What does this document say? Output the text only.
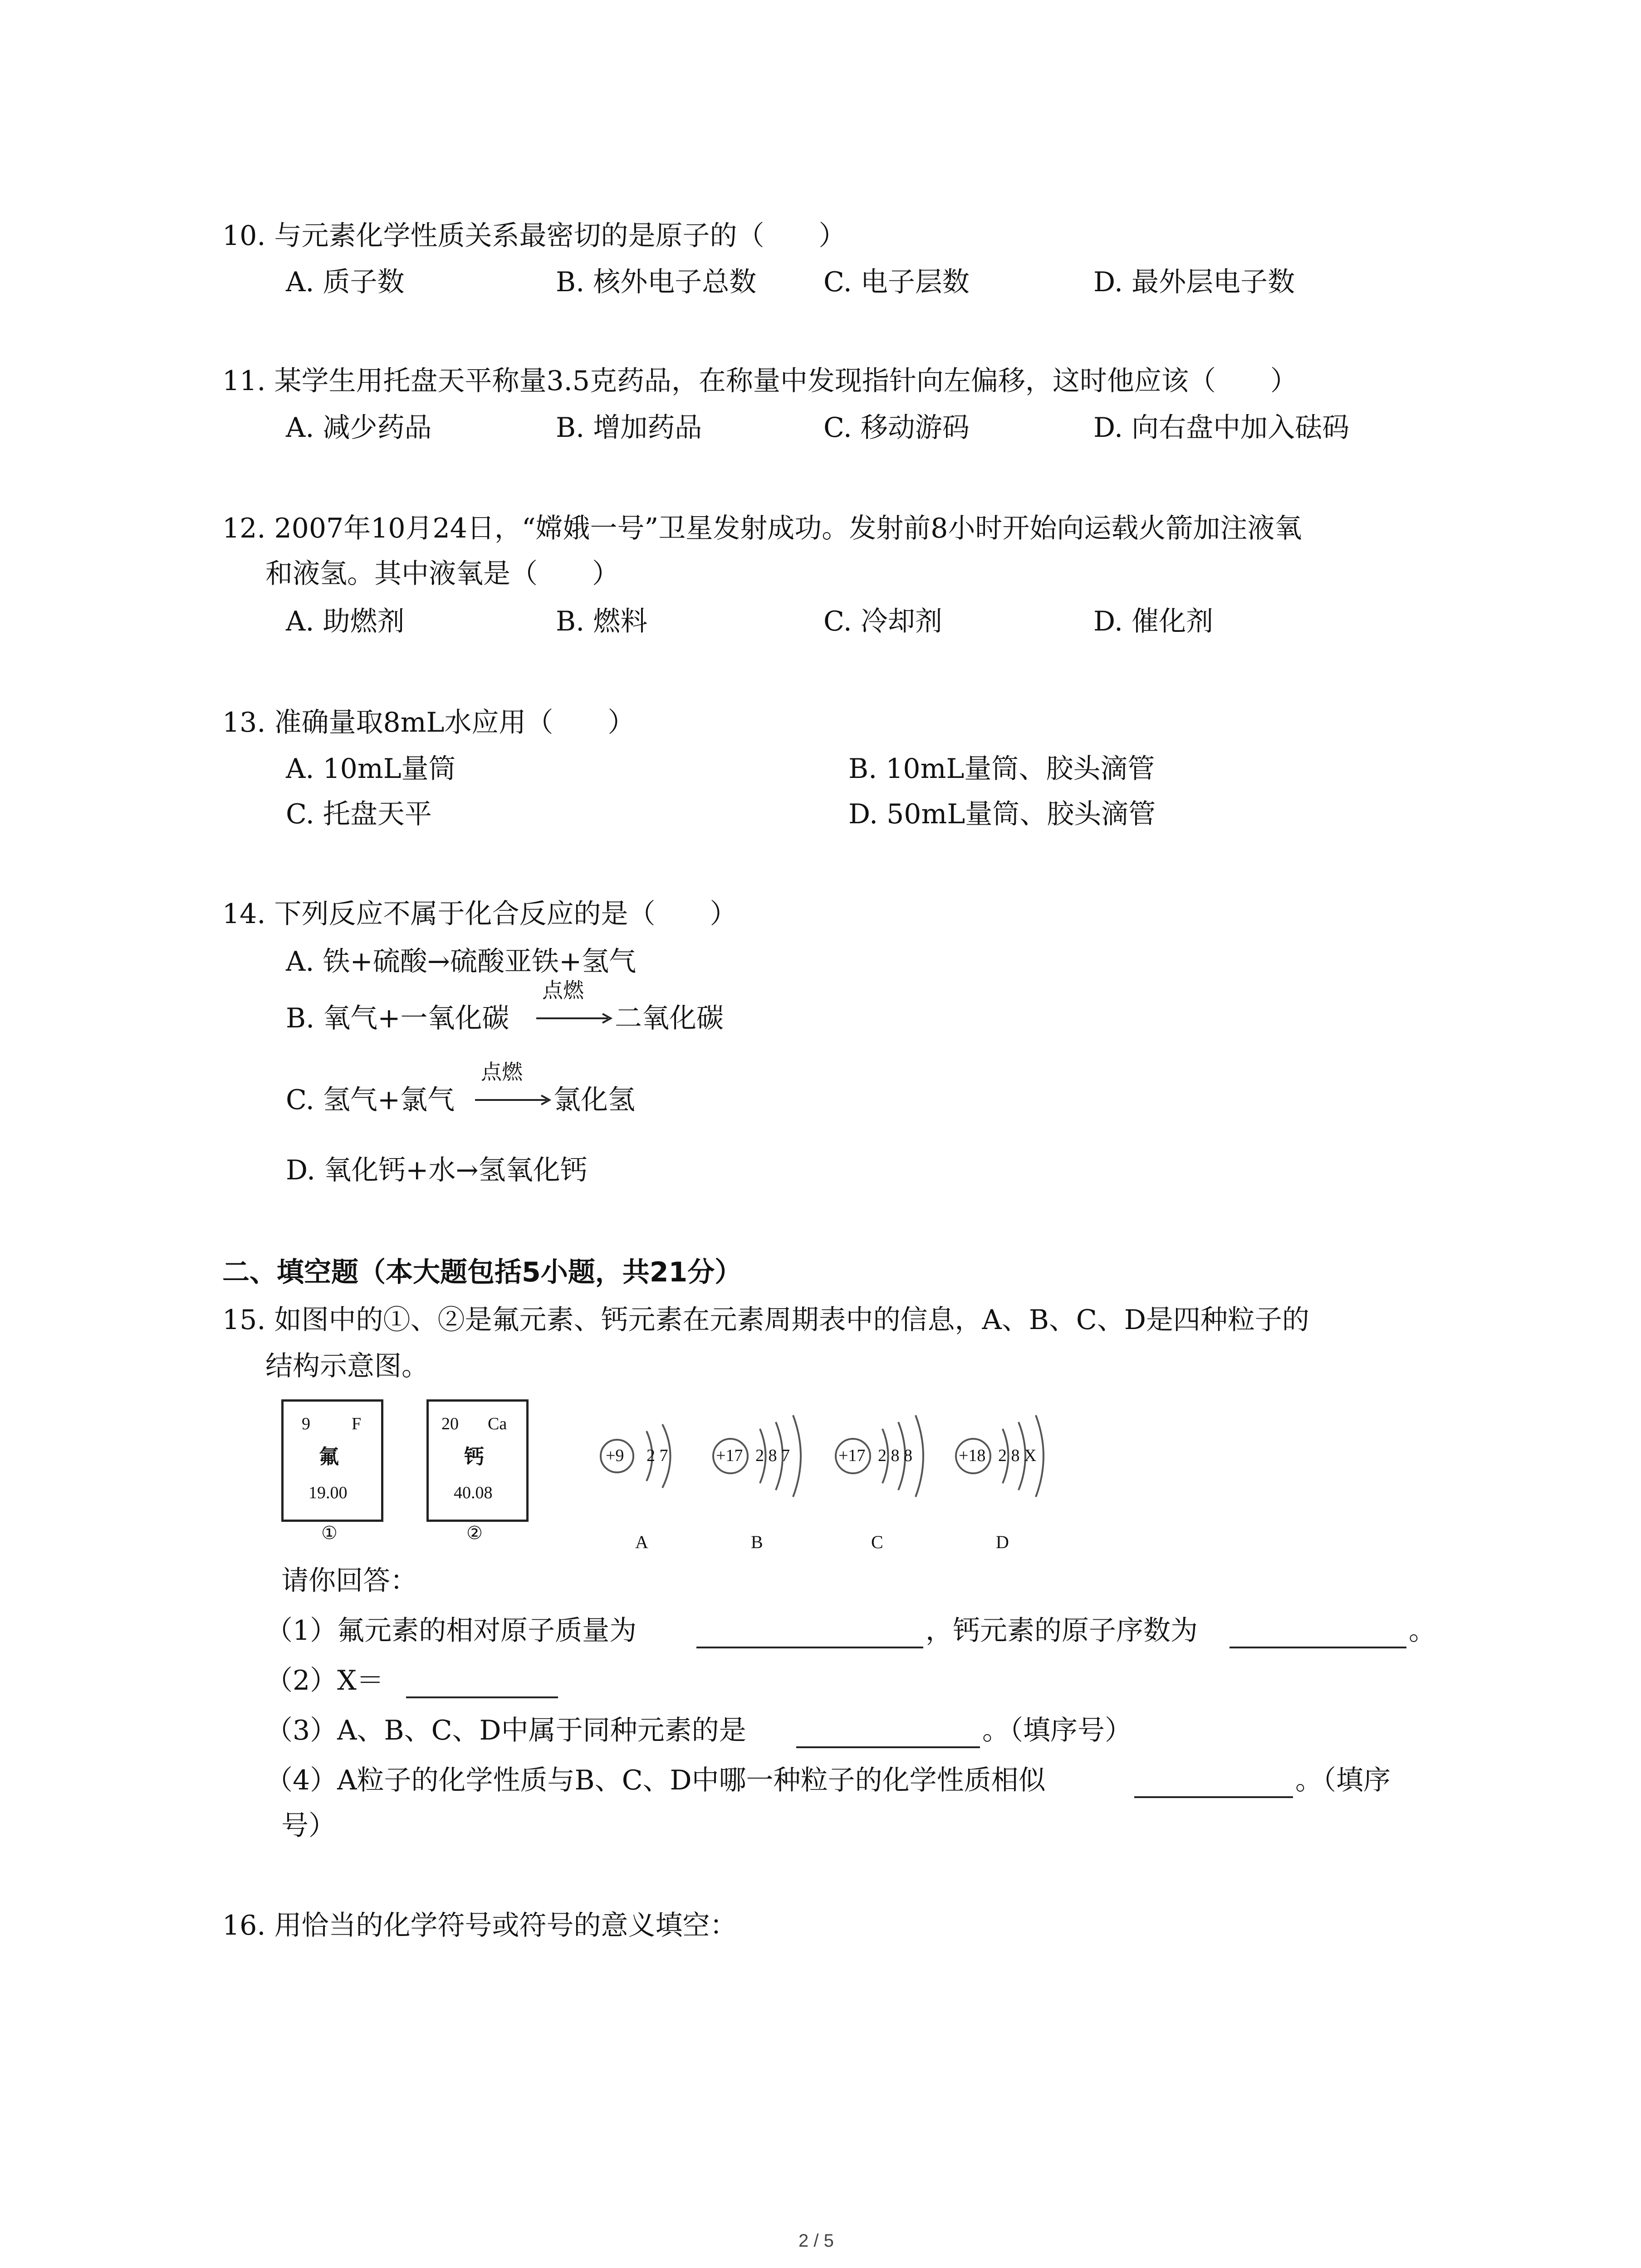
10. 与元素化学性质关系最密切的是原子的（　　）
A. 质子数	B. 核外电子总数 C. 电子层数	D. 最外层电子数
11. 某学生用托盘天平称量3.5克药品，在称量中发现指针向左偏移，这时他应该（　　）
A. 减少药品	B. 增加药品	C. 移动游码	D. 向右盘中加入砝码
12. 2007年10月24日，“嫦娥一号”卫星发射成功。发射前8小时开始向运载火箭加注液氧
和液氢。其中液氧是（　　）
A. 助燃剂	B. 燃料	C. 冷却剂	D. 催化剂
13. 准确量取8mL水应用（　　）
A. 10mL量筒	B. 10mL量筒、胶头滴管
C. 托盘天平	D. 50mL量筒、胶头滴管
14. 下列反应不属于化合反应的是（　　）
A. 铁+硫酸→硫酸亚铁+氢气
B. 氧气+一氧化碳
点燃
二氧化碳
C. 氢气+氯气
点燃
氯化氢
D. 氧化钙+水→氢氧化钙
二、填空题（本大题包括5小题，共21分）
15. 如图中的①、②是氟元素、钙元素在元素周期表中的信息，A、B、C、D是四种粒子的
结构示意图。
9 F
氟
19.00
①
20 Ca
钙
40.08
②
+9 2 7
A
+17 2 8 7
B
+17 2 8 8
C
+18 2 8 X
D
请你回答：
（1）氟元素的相对原子质量为	，钙元素的原子序数为	。
（2）X＝
（3）A、B、C、D中属于同种元素的是	。（填序号）
（4）A粒子的化学性质与B、C、D中哪一种粒子的化学性质相似	。（填序
号）
16. 用恰当的化学符号或符号的意义填空：
2 / 5
